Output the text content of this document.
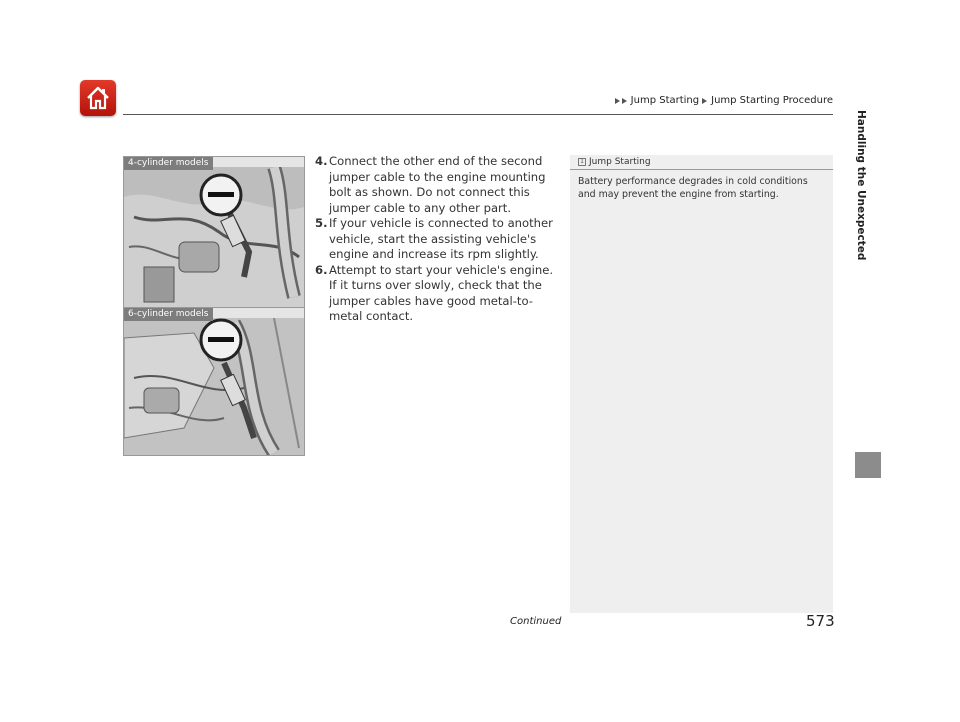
Jump Starting Jump Starting Procedure
4-cylinder models
6-cylinder models
4. Connect the other end of the second jumper cable to the engine mounting bolt as shown. Do not connect this jumper cable to any other part.
5. If your vehicle is connected to another vehicle, start the assisting vehicle's engine and increase its rpm slightly.
6. Attempt to start your vehicle's engine. If it turns over slowly, check that the jumper cables have good metal-to-metal contact.
1 Jump Starting
Battery performance degrades in cold conditions and may prevent the engine from starting.	Handling the Unexpected
Continued	573
